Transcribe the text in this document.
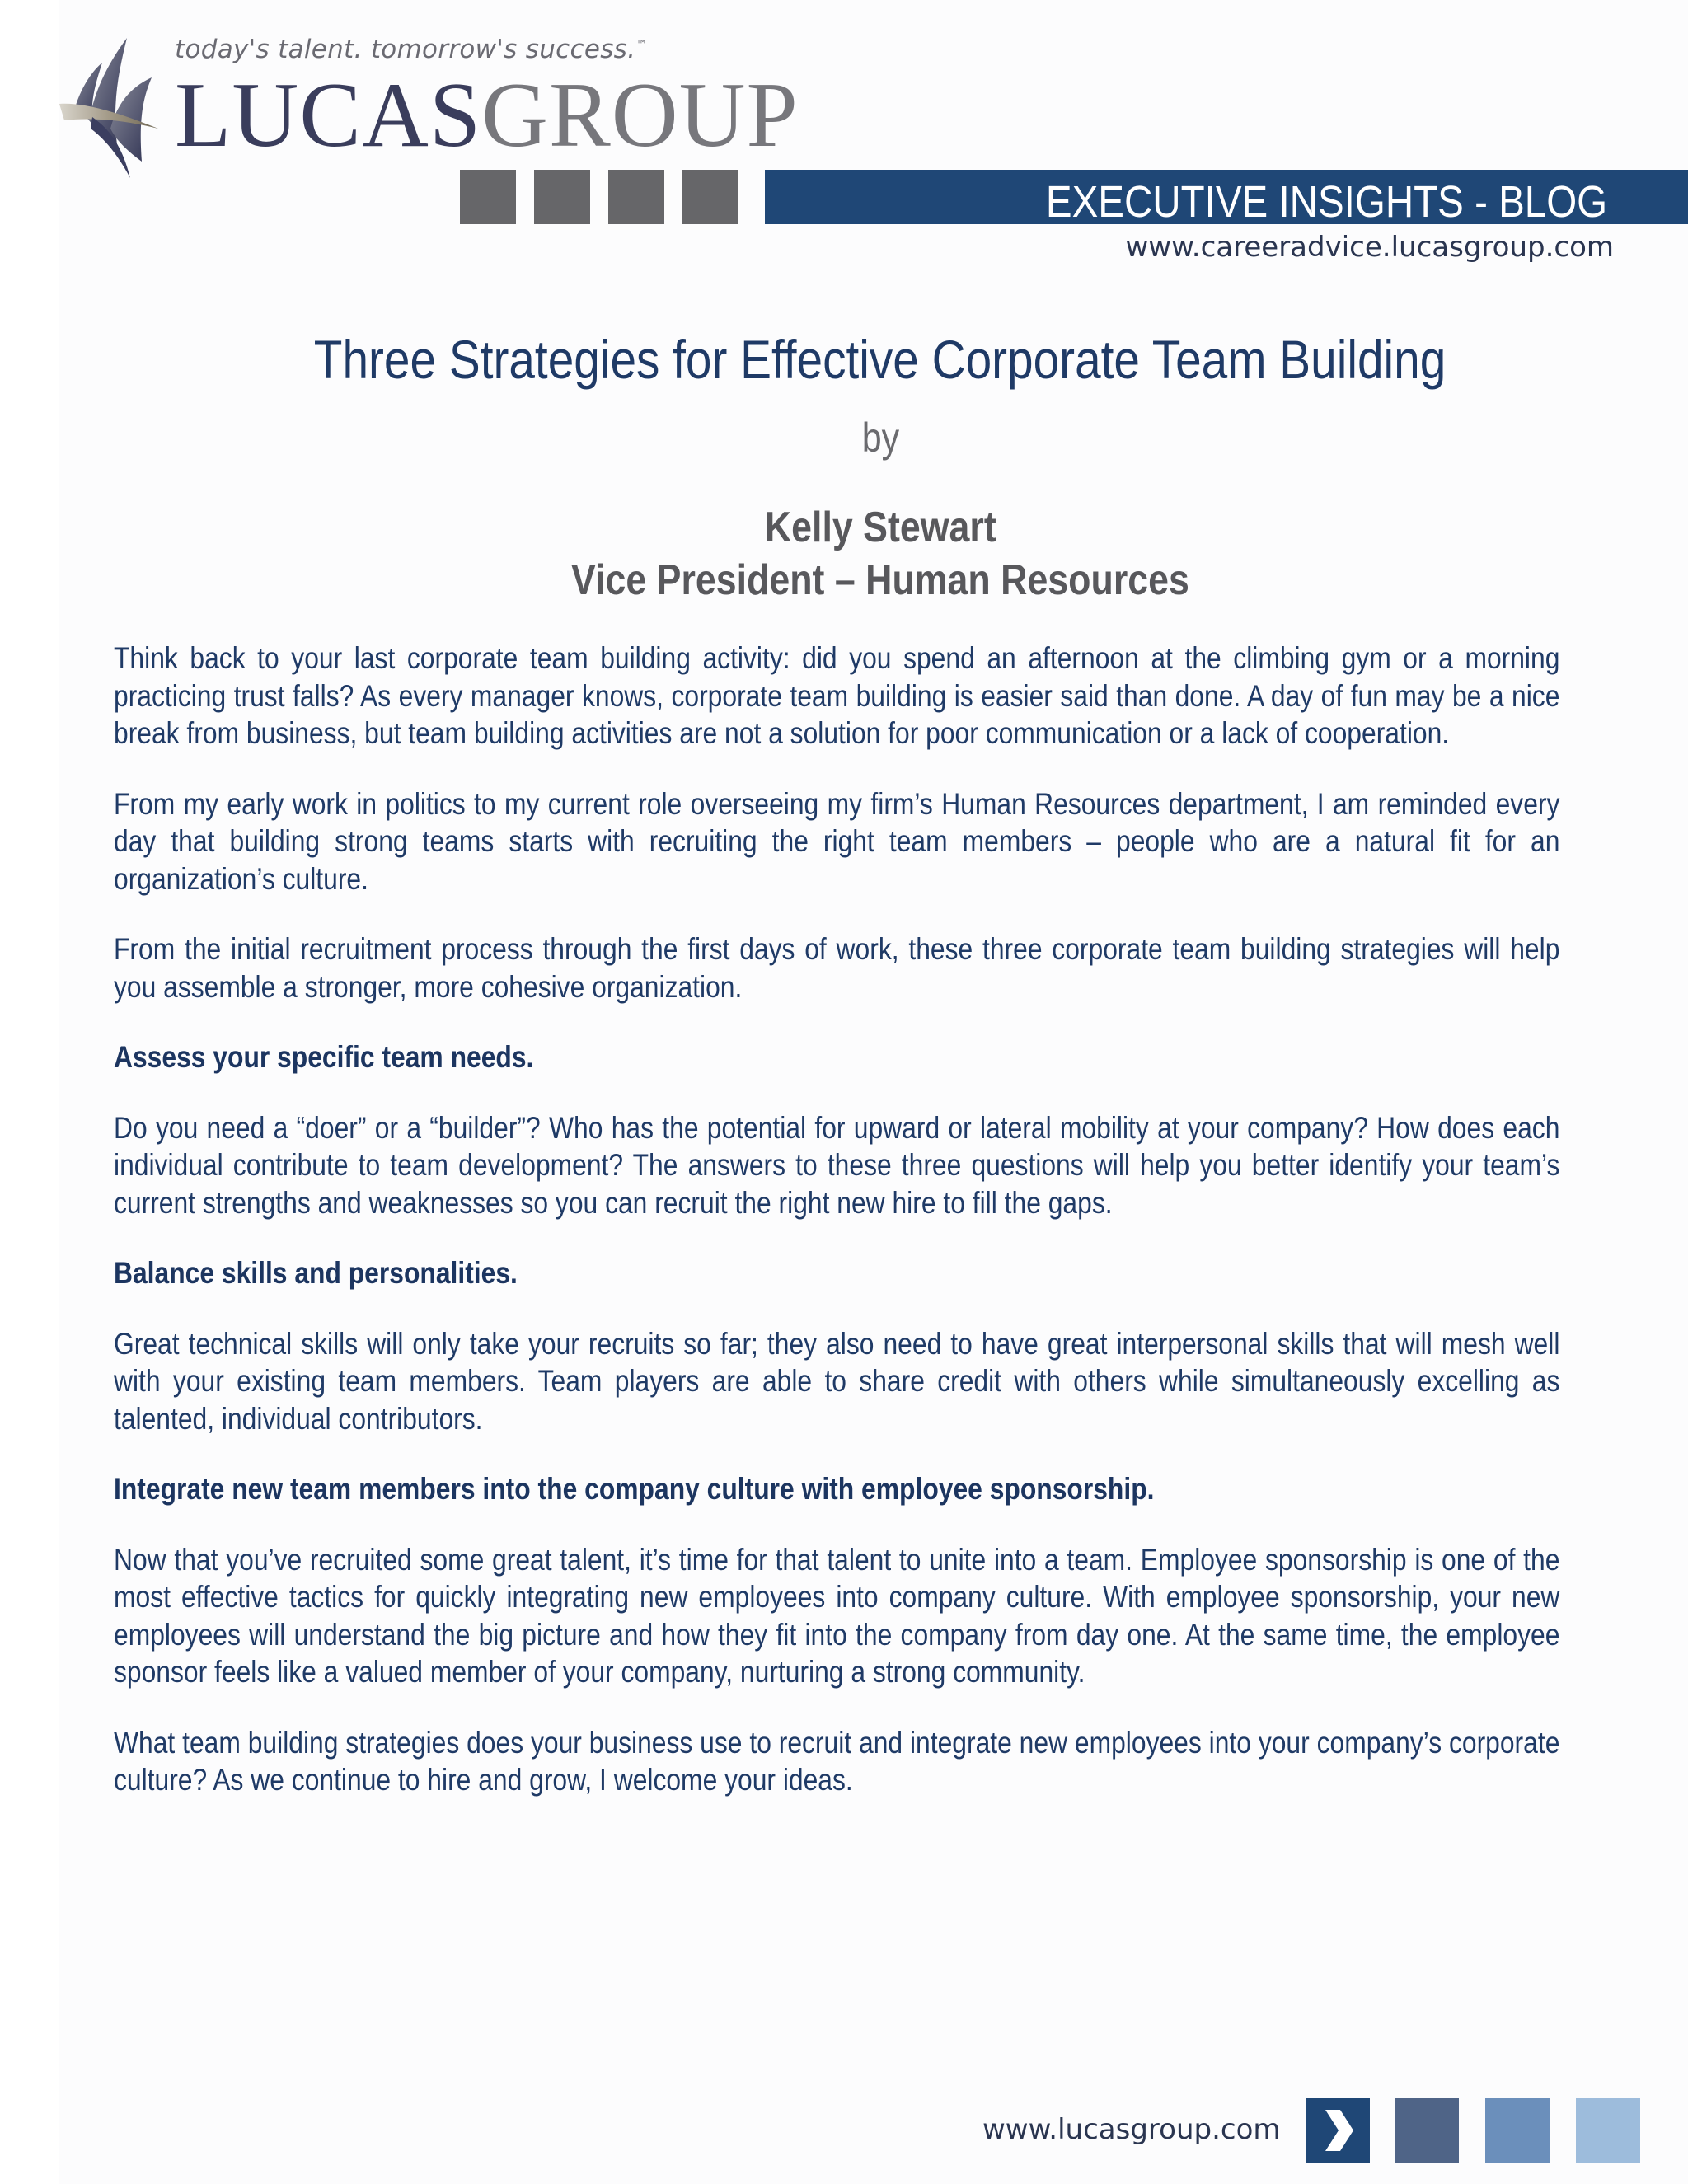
today's talent. tomorrow's success.™
LUCASGROUP
EXECUTIVE INSIGHTS - BLOG
www.careeradvice.lucasgroup.com
Three Strategies for Effective Corporate Team Building
by
Kelly Stewart
Vice President – Human Resources

Think back to your last corporate team building activity: did you spend an afternoon at the climbing gym or a morning practicing trust falls? As every manager knows, corporate team building is easier said than done. A day of fun may be a nice break from business, but team building activities are not a solution for poor communication or a lack of cooperation.

From my early work in politics to my current role overseeing my firm’s Human Resources department, I am reminded every day that building strong teams starts with recruiting the right team members – people who are a natural fit for an organization’s culture.

From the initial recruitment process through the first days of work, these three corporate team building strategies will help you assemble a stronger, more cohesive organization.

Assess your specific team needs.

Do you need a “doer” or a “builder”? Who has the potential for upward or lateral mobility at your company? How does each individual contribute to team development? The answers to these three questions will help you better identify your team’s current strengths and weaknesses so you can recruit the right new hire to fill the gaps.

Balance skills and personalities.

Great technical skills will only take your recruits so far; they also need to have great interpersonal skills that will mesh well with your existing team members. Team players are able to share credit with others while simultaneously excelling as talented, individual contributors.

Integrate new team members into the company culture with employee sponsorship.

Now that you’ve recruited some great talent, it’s time for that talent to unite into a team. Employee sponsorship is one of the most effective tactics for quickly integrating new employees into company culture. With employee sponsorship, your new employees will understand the big picture and how they fit into the company from day one. At the same time, the employee sponsor feels like a valued member of your company, nurturing a strong community.

What team building strategies does your business use to recruit and integrate new employees into your company’s corporate culture? As we continue to hire and grow, I welcome your ideas.

www.lucasgroup.com
